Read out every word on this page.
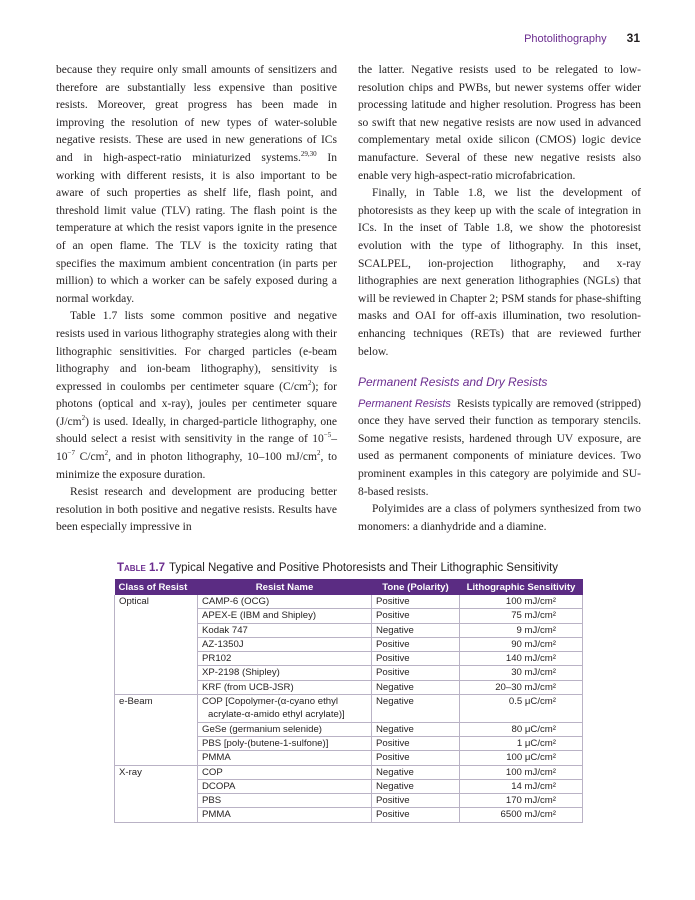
Photolithography 31

because they require only small amounts of sensitizers and therefore are substantially less expensive than positive resists. Moreover, great progress has been made in improving the resolution of new types of water-soluble negative resists. These are used in new generations of ICs and in high-aspect-ratio miniaturized systems.$^{29,30}$ In working with different resists, it is also important to be aware of such properties as shelf life, flash point, and threshold limit value (TLV) rating. The flash point is the temperature at which the resist vapors ignite in the presence of an open flame. The TLV is the toxicity rating that specifies the maximum ambient concentration (in parts per million) to which a worker can be safely exposed during a normal workday.

Table 1.7 lists some common positive and negative resists used in various lithography strategies along with their lithographic sensitivities. For charged particles (e-beam lithography and ion-beam lithography), sensitivity is expressed in coulombs per centimeter square $(C/cm^2)$; for photons (optical and x-ray), joules per centimeter square $(J/cm^2)$ is used. Ideally, in charged-particle lithography, one should select a resist with sensitivity in the range of $10^{-5}-10^{-7}$ $C/cm^2$, and in photon lithography, 10–100 $mJ/cm^2$, to minimize the exposure duration.

Resist research and development are producing better resolution in both positive and negative resists. Results have been especially impressive in

the latter. Negative resists used to be relegated to low-resolution chips and PWBs, but newer systems offer wider processing latitude and higher resolution. Progress has been so swift that new negative resists are now used in advanced complementary metal oxide silicon (CMOS) logic device manufacture. Several of these new negative resists also enable very high-aspect-ratio microfabrication.

Finally, in Table 1.8, we list the development of photoresists as they keep up with the scale of integration in ICs. In the inset of Table 1.8, we show the photoresist evolution with the type of lithography. In this inset, SCALPEL, ion-projection lithography, and x-ray lithographies are next generation lithographies (NGLs) that will be reviewed in Chapter 2; PSM stands for phase-shifting masks and OAI for off-axis illumination, two resolution-enhancing techniques (RETs) that are reviewed further below.

Permanent Resists and Dry Resists

Permanent Resists Resists typically are removed (stripped) once they have served their function as temporary stencils. Some negative resists, hardened through UV exposure, are used as permanent components of miniature devices. Two prominent examples in this category are polyimide and SU-8-based resists.

Polyimides are a class of polymers synthesized from two monomers: a dianhydride and a diamine.

Table 1.7 Typical Negative and Positive Photoresists and Their Lithographic Sensitivity
Class of Resist	Resist Name	Tone (Polarity)	Lithographic Sensitivity
Optical	CAMP-6 (OCG)	Positive	100 mJ/cm²
	APEX-E (IBM and Shipley)	Positive	75 mJ/cm²
	Kodak 747	Negative	9 mJ/cm²
	AZ-1350J	Positive	90 mJ/cm²
	PR102	Positive	140 mJ/cm²
	XP-2198 (Shipley)	Positive	30 mJ/cm²
	KRF (from UCB-JSR)	Negative	20–30 mJ/cm²
e-Beam	COP [Copolymer-(α-cyano ethyl	Negative	0.5 μC/cm²
	acrylate-α-amido ethyl acrylate)]		
	GeSe (germanium selenide)	Negative	80 μC/cm²
	PBS [poly-(butene-1-sulfone)]	Positive	1 μC/cm²
	PMMA	Positive	100 μC/cm²
X-ray	COP	Negative	100 mJ/cm²
	DCOPA	Negative	14 mJ/cm²
	PBS	Positive	170 mJ/cm²
	PMMA	Positive	6500 mJ/cm²
